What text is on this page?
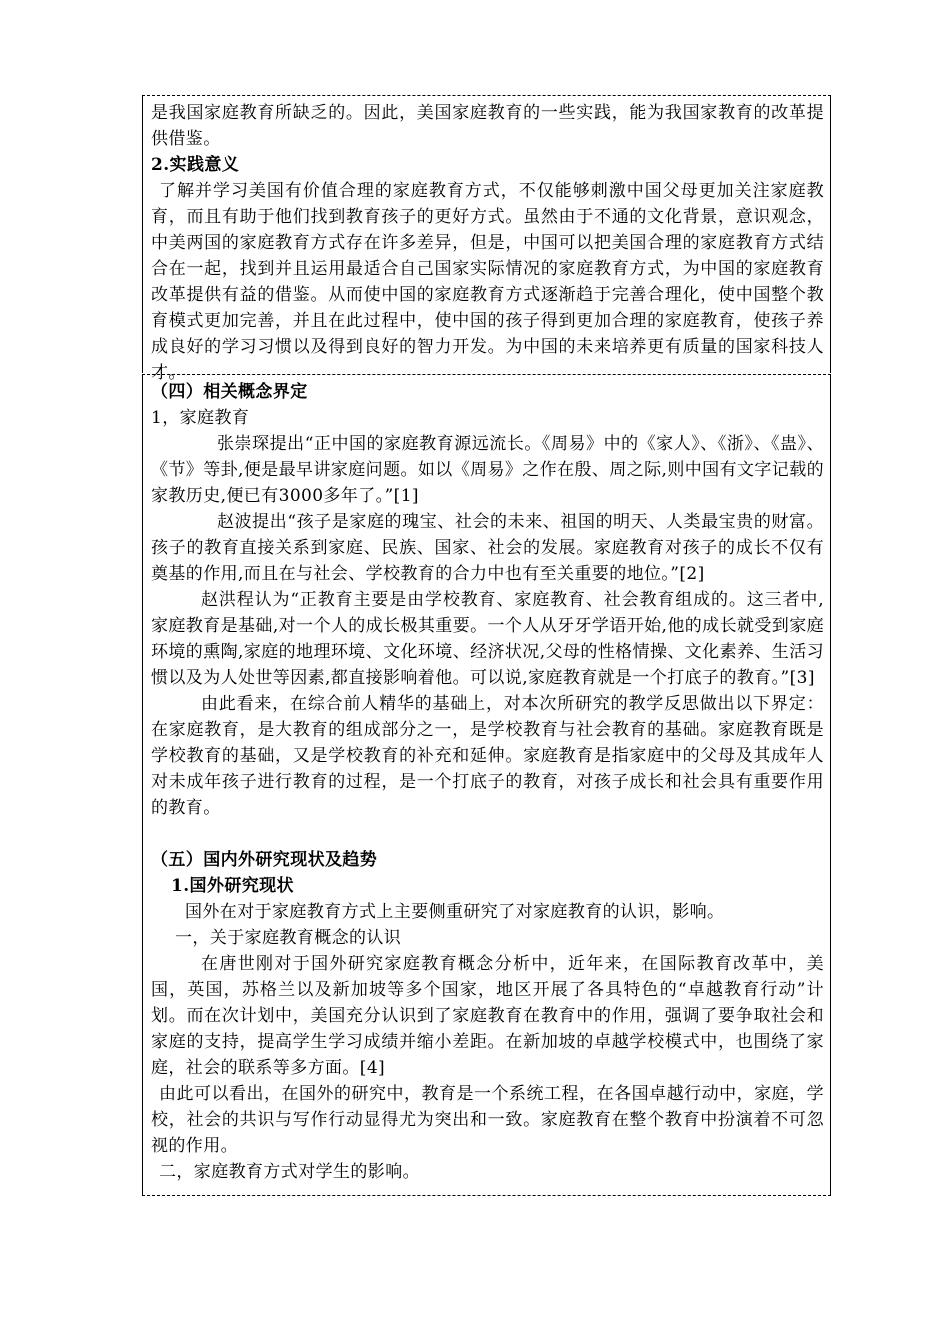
是我国家庭教育所缺乏的。因此，美国家庭教育的一些实践，能为我国家教育的改革提供借鉴。

2.实践意义

了解并学习美国有价值合理的家庭教育方式，不仅能够刺激中国父母更加关注家庭教育，而且有助于他们找到教育孩子的更好方式。虽然由于不通的文化背景，意识观念，中美两国的家庭教育方式存在许多差异，但是，中国可以把美国合理的家庭教育方式结合在一起，找到并且运用最适合自己国家实际情况的家庭教育方式，为中国的家庭教育改革提供有益的借鉴。从而使中国的家庭教育方式逐渐趋于完善合理化，使中国整个教育模式更加完善，并且在此过程中，使中国的孩子得到更加合理的家庭教育，使孩子养成良好的学习习惯以及得到良好的智力开发。为中国的未来培养更有质量的国家科技人才。

（四）相关概念界定

1，家庭教育

张崇琛提出“正中国的家庭教育源远流长。《周易》中的《家人》、《浙》、《蛊》、《节》等卦,便是最早讲家庭问题。如以《周易》之作在殷、周之际,则中国有文字记载的家教历史,便已有3000多年了。”[1]

赵波提出“孩子是家庭的瑰宝、社会的未来、祖国的明天、人类最宝贵的财富。孩子的教育直接关系到家庭、民族、国家、社会的发展。家庭教育对孩子的成长不仅有奠基的作用,而且在与社会、学校教育的合力中也有至关重要的地位。”[2]

赵洪程认为“正教育主要是由学校教育、家庭教育、社会教育组成的。这三者中,家庭教育是基础,对一个人的成长极其重要。一个人从牙牙学语开始,他的成长就受到家庭环境的熏陶,家庭的地理环境、文化环境、经济状况,父母的性格情操、文化素养、生活习惯以及为人处世等因素,都直接影响着他。可以说,家庭教育就是一个打底子的教育。”[3]

由此看来，在综合前人精华的基础上，对本次所研究的教学反思做出以下界定：在家庭教育，是大教育的组成部分之一，是学校教育与社会教育的基础。家庭教育既是学校教育的基础，又是学校教育的补充和延伸。家庭教育是指家庭中的父母及其成年人对未成年孩子进行教育的过程，是一个打底子的教育，对孩子成长和社会具有重要作用的教育。

（五）国内外研究现状及趋势

1.国外研究现状

国外在对于家庭教育方式上主要侧重研究了对家庭教育的认识，影响。

一，关于家庭教育概念的认识

在唐世刚对于国外研究家庭教育概念分析中，近年来，在国际教育改革中，美国，英国，苏格兰以及新加坡等多个国家，地区开展了各具特色的“卓越教育行动”计划。而在次计划中，美国充分认识到了家庭教育在教育中的作用，强调了要争取社会和家庭的支持，提高学生学习成绩并缩小差距。在新加坡的卓越学校模式中，也围绕了家庭，社会的联系等多方面。[4]

由此可以看出，在国外的研究中，教育是一个系统工程，在各国卓越行动中，家庭，学校，社会的共识与写作行动显得尤为突出和一致。家庭教育在整个教育中扮演着不可忽视的作用。

二，家庭教育方式对学生的影响。
